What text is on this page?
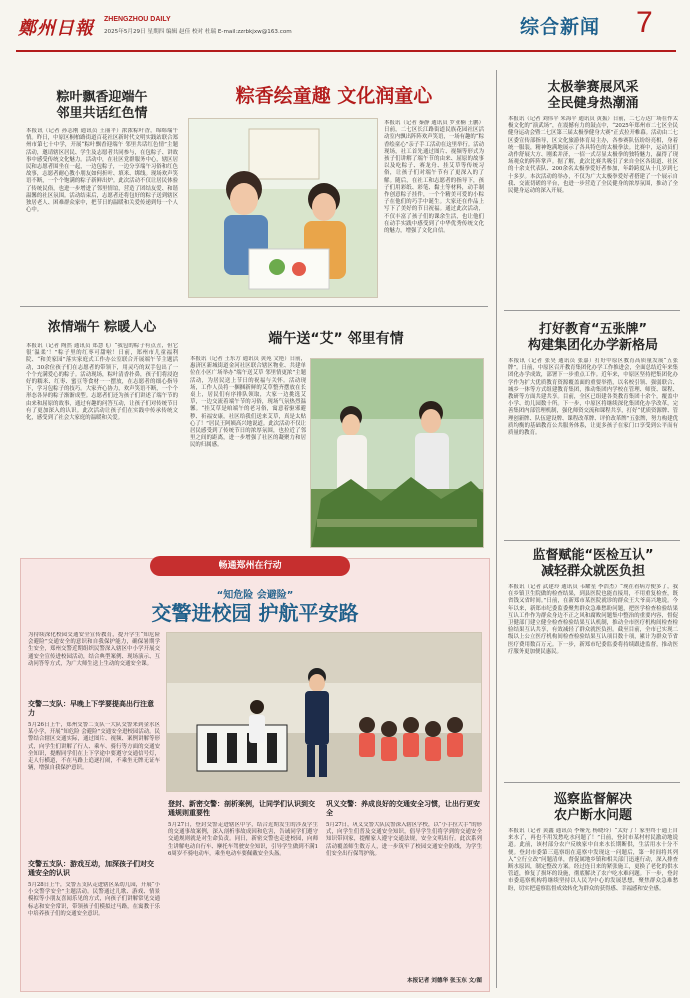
鄭州日報 ZHENGZHOU DAILY
2025年5月29日 星期四 编辑 赵佳 校对 杜瑞 E-mail:zzrbkjxw@163.com	综合新闻 7
粽叶飘香迎端午
邻里共话红色情
本报讯（记者 孙志刚 通讯员 王丽平）浓浓粽叶香，绵绵端午情。昨日，中原区桐柏路街道百花社区新时代文明实践站联合郑州市第七十中学，开展“粽叶飘香迎端午 邻里共话红色情”主题活动，邀请辖区居民、学生及志愿者共同参与，在包粽子、讲故事中感受传统文化魅力。活动中，在社区党群服务中心，辖区居民和志愿者围坐在一起，一边包粽子，一边分享端午习俗和红色故事，志愿者耐心教小朋友如何折叶、填米、绑线。现场欢声笑语不断，一个个饱满的粽子新鲜出炉。此次活动不仅让居民体验了传统民俗，也进一步增进了邻里情谊，营造了团结友爱、和谐温馨的社区氛围。活动结束后，志愿者还将包好的粽子送到辖区独居老人、困难群众家中，把节日的温暖和关爱传递到每一个人心中。
粽香绘童趣 文化润童心
本报讯（记者 秦静 通讯员 罗亚楠 王鹏）日前，二七区长江路街道民族花园社区活动室内飘出阵阵欢声笑语，一场有趣的“粽香绘童心”亲子手工活动在这里举行。活动现场，社工首先通过图片、视频等形式为孩子们讲解了端午节的由来、屈原的故事以及吃粽子、赛龙舟、挂艾草等传统习俗，让孩子们对端午节有了更深入的了解。随后，在社工和志愿者的指导下，孩子们用彩纸、彩笔、黏土等材料，动手制作创意粽子挂件，一个个精美可爱的小粽子在他们的巧手中诞生。大家还在作品上写下了美好的节日祝福。通过此次活动，不仅丰富了孩子们的课余生活，也让他们在动手实践中感受到了中华优秀传统文化的魅力，增强了文化自信。
浓情端午 粽暖人心
本报讯（记者 陶然 通讯员 郑慧飞）“我包的粽子有点丑，但它很‘温柔’！”粽子里的红枣可甜啦！日前，郑州市儿童福利院、“和美家园”落实家庭式工作办公室联合开展端午节主题活动，30余位孩子们在志愿者的带领下，用灵巧的双手包出了一个个充满爱心的粽子。活动现场，粽叶清香扑鼻，孩子们将浸泡好的糯米、红枣、蜜豆等食材一一摆放，在志愿者的细心指导下，学习包粽子的技巧。大家齐心协力，欢声笑语不断，一个个形态各异的粽子渐渐成型。志愿者们还为孩子们讲述了端午节的由来和屈原的故事，通过有趣的问答互动，让孩子们对传统节日有了更加深入的认识。此次活动让孩子们在实践中传承传统文化，感受到了社会大家庭的温暖和关爱。
端午送“艾” 邻里有情
本报讯（记者 王东方 通讯员 黄苑 文艳）日前，惠济区新城街道金河社区联合辖区物业、共建单位在小区广场举办“端午送艾草 邻里情更浓”主题活动，为居民送上节日的祝福与关怀。活动现场，工作人员将一捆捆新鲜的艾草整齐摆放在长桌上，居民们有序排队领取，大家一边挑选艾草，一边交流着端午节的习俗，现场气氛热烈温馨。“挂艾草是咱端午的老习俗，寓意着驱邪避秽、祈福安康，社区给我们送来艾草，真是太贴心了！”居民王阿姨高兴地说道。此次活动不仅让居民感受到了传统节日的浓厚氛围，也拉近了邻里之间的距离，进一步增强了社区的凝聚力和居民的归属感。
太极拳赛展风采
全民健身热潮涌
本报讯（记者 刘伟平 朱海平 通讯员 黄振）日前，二七万达广场在作太极文化的“演武场”，在震撼有力的鼓点中，“2025年郑州市二七区全民健身运动会暨二七区第三届太极拳健身大赛”正式拉开帷幕。活动由二七区委宣传部指导，区文化旅游体育局主办，各参赛队伍纷纷亮相，身着统一服装，精神饱满地展示了各具特色的太极拳法。比赛中，运动员们动作舒展大方、刚柔并济，一招一式尽显太极拳的独特魅力，赢得了现场观众的阵阵掌声。据了解，此次比赛共吸引了来自全区各街道、社区的十余支代表队、200余名太极拳爱好者参加，年龄跨度从十几岁到七十多岁。本次活动的举办，不仅为广大太极拳爱好者搭建了一个展示自我、交流切磋的平台，也进一步营造了全民健身的浓厚氛围，推动了全民健身运动的深入开展。
打好教育“五张牌”
构建集团化办学新格局
本报讯（记者 张昊 通讯员 张嘉）打好中原区教育高质量发展“五张牌”。日前，中原区召开教育集团化办学工作推进会，全面总结近年来集团化办学成效，部署下一步重点工作。近年来，中原区坚持把集团化办学作为扩大优质教育资源覆盖面的重要举措，以名校引领、强弱联合、城乡一体等方式组建教育集团，推动集团内学校在管理、师资、课程、教研等方面共建共享。目前，全区已组建各类教育集团十余个，覆盖中小学、幼儿园数十所。下一步，中原区将继续深化集团化办学改革，完善集团内部管理机制，强化师资交流和课程共享，打好“优质资源牌、管理创新牌、队伍建设牌、课程改革牌、评价改革牌”五张牌，努力构建优质均衡的基础教育公共服务体系，让更多孩子在家门口享受到公平而有质量的教育。
监督赋能“医检互认”
减轻群众就医负担
本报讯（记者 武建玲 通讯员 韦耀星 李浩杰）“现在看病方便多了，我在乡镇卫生院做的检查结果，到县医院也能直接用，不用重复检查，既省钱又省时间。”日前，在新郑市某医院就诊的群众王大爷高兴地说。今年以来，新郑市纪委监委聚焦群众急难愁盼问题，把医学检查检验结果互认工作作为群众身边不正之风和腐败问题集中整治的重要内容，督促卫健部门建立健全检查检验结果互认机制，推动全市医疗机构间检查检验结果互认共享，有效减轻了群众就医负担。截至目前，全市已实现二级以上公立医疗机构间检查检验结果互认项目数十项，累计为群众节省医疗费用数百万元。下一步，新郑市纪委监委将持续跟进监督，推动医疗服务更加便民惠民。
巡察监督解决
农户断水问题
本报讯（记者 黄鑫 通讯员 李娅光 杨晓玲）“太好了！家里终于通上自来水了，再也不用发愁吃水问题了！”日前，登封市某村村民激动地说道。此前，该村部分农户反映家中自来水长期断供，生活用水十分不便。登封市委第三巡察组在巡察中发现这一问题后，第一时间将其列入“立行立改”问题清单，督促属地乡镇和相关部门迅速行动，深入排查断水原因，制定整改方案。经过连日来的紧张施工，更换了老化的供水管道，修复了损坏的设施，彻底解决了农户吃水难问题。下一步，登封市委巡察机构将继续坚持以人民为中心的发展思想，聚焦群众急难愁盼，切实把巡察监督成效转化为群众的获得感、幸福感和安全感。
畅通郑州在行动
“知危险 会避险”
交警进校园 护航平安路
为持续深化校园交通安全宣传教育，提升学生“知危险 会避险”交通安全的意识和自我保护能力，确保暑期学生安全，郑州交警近期组织民警深入辖区中小学开展交通安全宣传进校园活动，结合典型案例、现场演示、互动问答等方式，为广大师生送上生动的交通安全课。
交警二支队：早晚上下学要提高出行注意力
5月26日上午，郑州交警二支队一大队交警来到金水区某小学，开展“知危险 会避险”交通安全进校园活动。民警结合辖区交通实际，通过图片、视频、案例讲解等形式，向学生们讲解了行人、乘车、骑行等方面的交通安全知识，提醒同学们在上下学途中要遵守交通信号灯，走人行横道，不在马路上追逐打闹，不乘坐无牌无证车辆，增强自我保护意识。
交警五支队：游戏互动，加深孩子们对交通安全的认识
5月28日上午，交警五支队走进辖区某幼儿园，开展“小小交警学安全”主题活动。民警通过儿歌、游戏、情景模拟等小朋友喜闻乐见的方式，向孩子们讲解常见交通标志和安全常识，带领孩子们模拟过马路，在寓教于乐中培养孩子们的交通安全意识。
登封、新密交警：剖析案例，让同学们认识到交通规则重要性
5月27日，登封交警走进辖区中学，结合近期发生的涉及学生的交通事故案例，深入剖析事故成因和危害，告诫同学们遵守交通规则就是对生命负责。同日，新密交警也走进校园，向师生讲解电动自行车、摩托车驾驶安全知识，引导学生做到不满16周岁不骑电动车，乘坐电动车要佩戴安全头盔。
巩义交警：养成良好的交通安全习惯，让出行更安全
5月27日，巩义交警大队民警深入辖区学校，以“小手拉大手”的形式，向学生们普及交通安全知识，倡导学生们将学到的交通安全知识带回家，提醒家人遵守交通法规，安全文明出行。此次系列活动覆盖师生数万人，进一步筑牢了校园交通安全防线，为学生们安全出行保驾护航。
本报记者 刘德华 张玉东 文/图
